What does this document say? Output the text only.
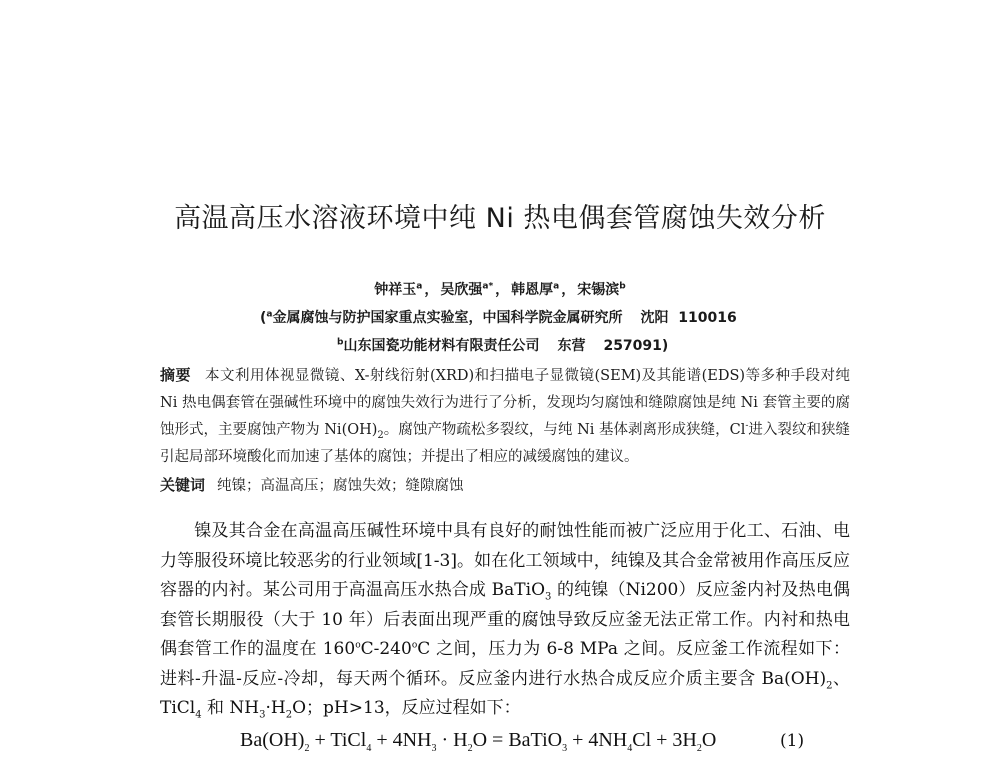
高温高压水溶液环境中纯 Ni 热电偶套管腐蚀失效分析
钟祥玉$^a$ ， 吴欣强$^{a*}$ ， 韩恩厚$^a$ ， 宋锡滨$^b$
($^a$金属腐蚀与防护国家重点实验室，中国科学院金属研究所 沈阳 110016
$^b$山东国瓷功能材料有限责任公司 东营 257091)
摘要 本文利用体视显微镜、X-射线衍射(XRD)和扫描电子显微镜(SEM)及其能谱(EDS)等多种手段对纯 Ni 热电偶套管在强碱性环境中的腐蚀失效行为进行了分析，发现均匀腐蚀和缝隙腐蚀是纯 Ni 套管主要的腐蚀形式，主要腐蚀产物为 $Ni(OH)_2$。腐蚀产物疏松多裂纹，与纯 Ni 基体剥离形成狭缝，Cl-进入裂纹和狭缝引起局部环境酸化而加速了基体的腐蚀；并提出了相应的减缓腐蚀的建议。
关键词 纯镍；高温高压；腐蚀失效；缝隙腐蚀
镍及其合金在高温高压碱性环境中具有良好的耐蚀性能而被广泛应用于化工、石油、电力等服役环境比较恶劣的行业领域[1-3]。如在化工领域中，纯镍及其合金常被用作高压反应容器的内衬。某公司用于高温高压水热合成 BaTiO$_3$ 的纯镍（Ni200）反应釜内衬及热电偶套管长期服役（大于 10 年）后表面出现严重的腐蚀导致反应釜无法正常工作。内衬和热电偶套管工作的温度在 160$^o$C-240$^o$C 之间，压力为 6-8 MPa 之间。反应釜工作流程如下：进料-升温-反应-冷却，每天两个循环。反应釜内进行水热合成反应介质主要含 $Ba(OH)_2$、TiCl$_4$ 和 $NH_3\cdot H_2O$；pH>13，反应过程如下：
$Ba(OH)_2$ + TiCl$_4$ + $4NH_3 \cdot H_2O$ = BaTiO$_3$ + $4NH_4Cl + 3H_2O$	(1)
